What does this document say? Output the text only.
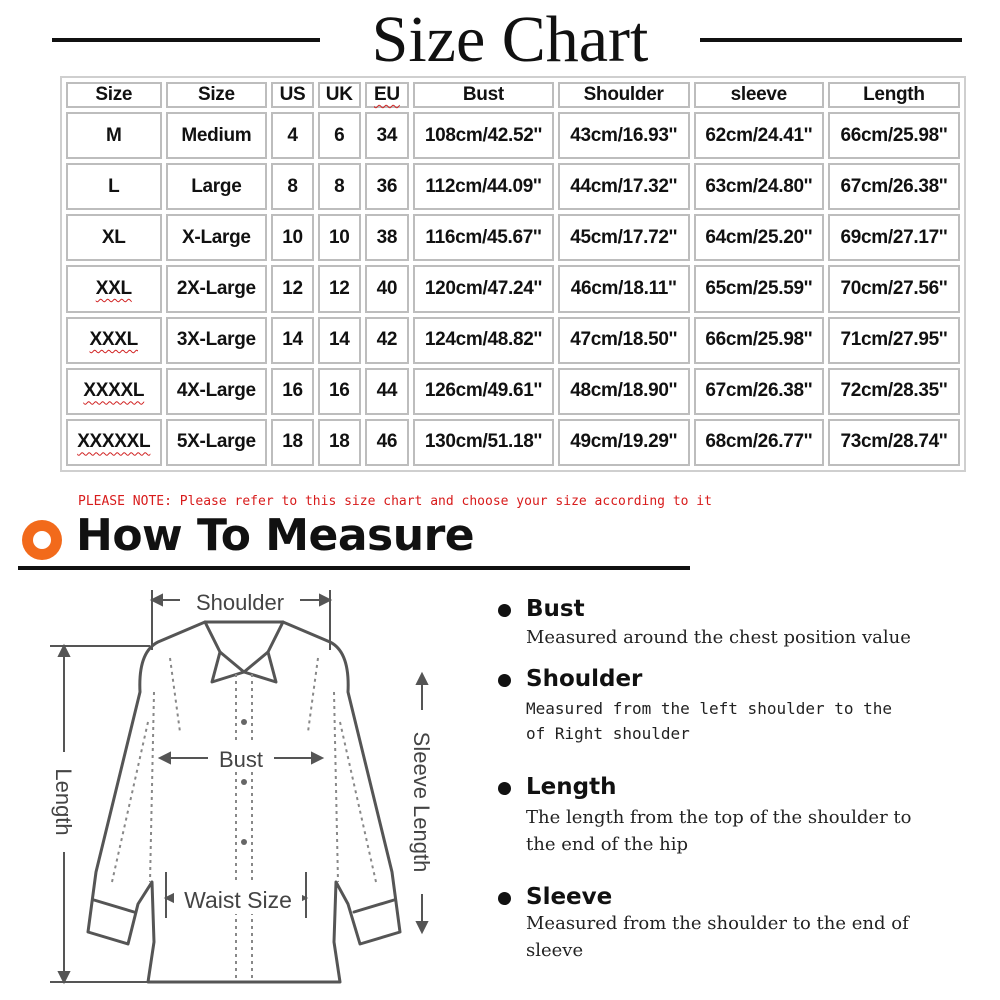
Size Chart
Size	Size	US	UK	EU	Bust	Shoulder	sleeve	Length
M	Medium	4	6	34	108cm/42.52''	43cm/16.93''	62cm/24.41''	66cm/25.98''
L	Large	8	8	36	112cm/44.09''	44cm/17.32''	63cm/24.80''	67cm/26.38''
XL	X-Large	10	10	38	116cm/45.67''	45cm/17.72''	64cm/25.20''	69cm/27.17''
XXL	2X-Large	12	12	40	120cm/47.24''	46cm/18.11''	65cm/25.59''	70cm/27.56''
XXXL	3X-Large	14	14	42	124cm/48.82''	47cm/18.50''	66cm/25.98''	71cm/27.95''
XXXXL	4X-Large	16	16	44	126cm/49.61''	48cm/18.90''	67cm/26.38''	72cm/28.35''
XXXXXL	5X-Large	18	18	46	130cm/51.18''	49cm/19.29''	68cm/26.77''	73cm/28.74''
PLEASE NOTE: Please refer to this size chart and choose your size according to it
How To Measure
Shoulder
Bust
Waist Size
Length	Sleeve Length
Bust
Measured around the chest position value
Shoulder
Measured from the left shoulder to the of Right shoulder
Length
The length from the top of the shoulder to the end of the hip
Sleeve
Measured from the shoulder to the end of sleeve
